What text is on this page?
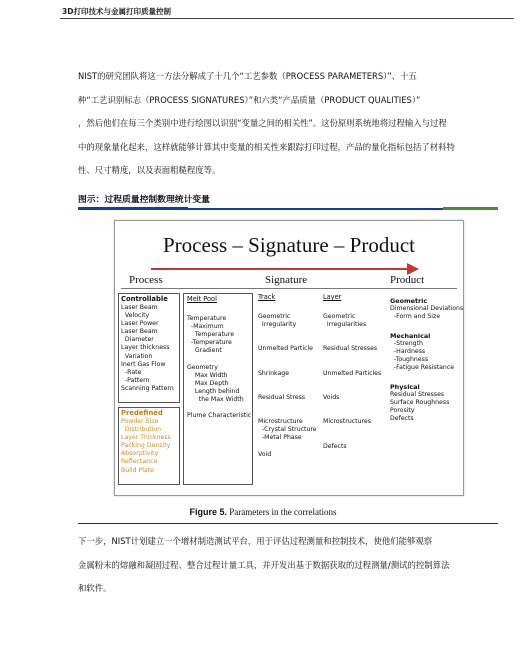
3D打印技术与金属打印质量控制
NIST的研究团队将这一方法分解成了十几个“工艺参数（PROCESS PARAMETERS）”、十五
种“工艺识别标志（PROCESS SIGNATURES）”和六类“产品质量（PRODUCT QUALITIES）”
，然后他们在每三个类别中进行绘图以识别“变量之间的相关性”。这份原则系统地将过程输入与过程
中的现象量化起来，这样就能够计算其中变量的相关性来跟踪打印过程，产品的量化指标包括了材料特
性、尺寸精度，以及表面粗糙程度等。
图示：过程质量控制数理统计变量
Process – Signature – Product
Process	Signature	Product
Controllable
Laser Beam
Velocity
Laser Power
Laser Beam
Diameter
Layer thickness
Variation
Inert Gas Flow
-Rate
-Pattern
Scanning Pattern
Predefined
Powder Size
Distribution
Layer Thickness
Packing Density
Absorptivity
Reflectance
Build Plate
Melt Pool
Temperature
-Maximum
Temperature
-Temperature
Gradient

Geometry
Max Width
Max Depth
Length behind
the Max Width

Plume Characteristic
Track
Geometric
Irregularity

Unmelted Particle

Shrinkage

Residual Stress

Microstructure
-Crystal Structure
-Metal Phase

Void
Layer
Geometric
Irregularities

Residual Stresses

Unmelted Particles

Voids

Microstructures

Defects
Geometric
Dimensional Deviations
-Form and Size
Mechanical
-Strength
-Hardness
-Toughness
-Fatigue Resistance
Physical
Residual Stresses
Surface Roughness
Porosity
Defects
Figure 5. Parameters in the correlations
下一步，NIST计划建立一个增材制造测试平台，用于评估过程测量和控制技术，使他们能够观察
金属粉末的熔融和凝固过程、整合过程计量工具，并开发出基于数据获取的过程测量/测试的控制算法
和软件。
